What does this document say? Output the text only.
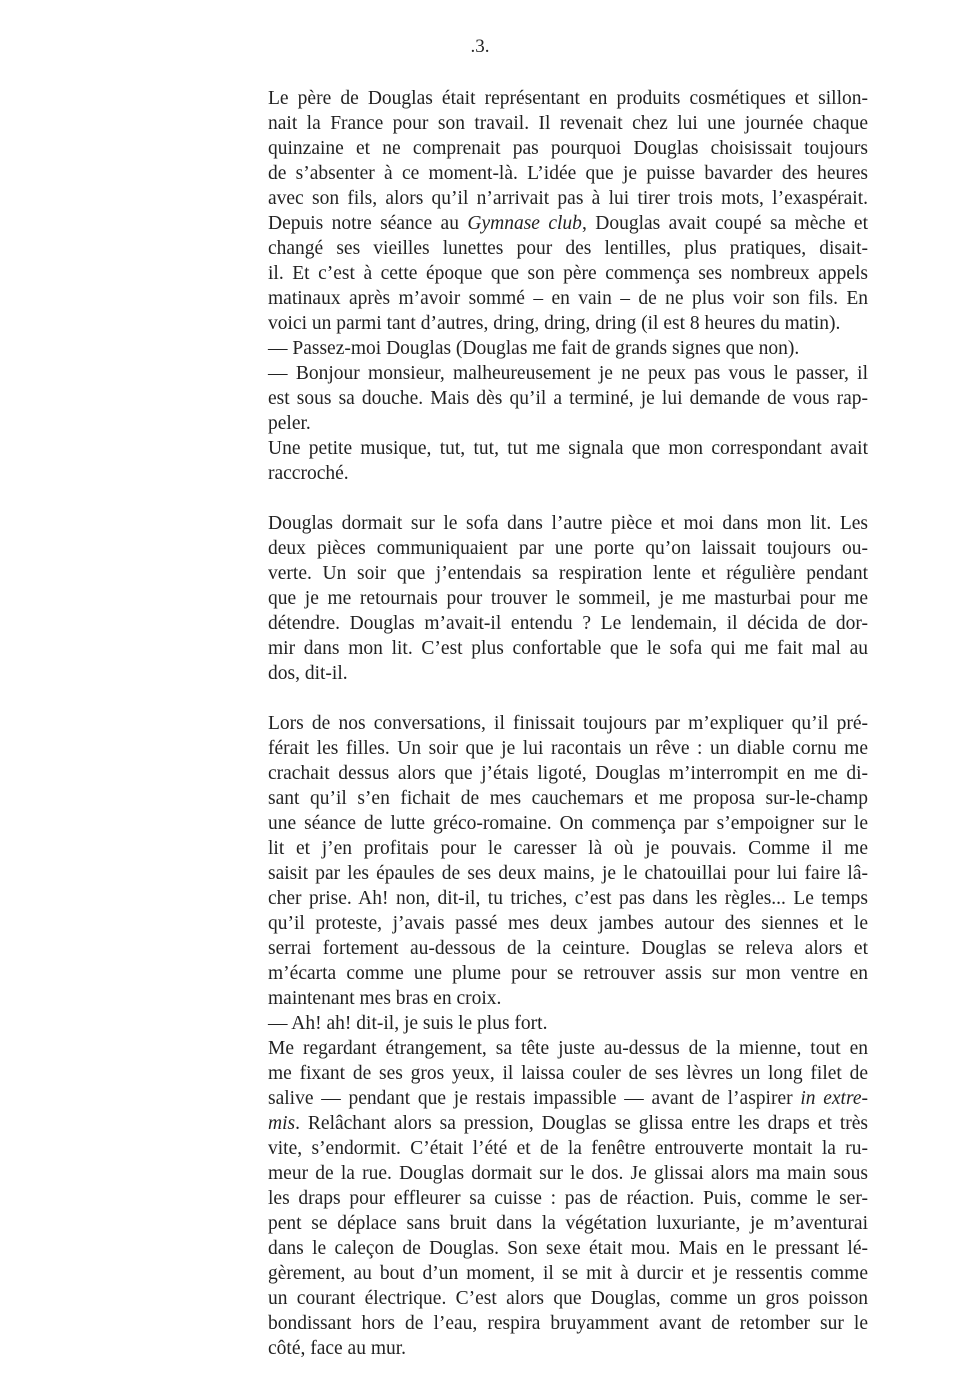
.3.
Le père de Douglas était représentant en produits cosmétiques et sillon-
nait la France pour son travail. Il revenait chez lui une journée chaque
quinzaine et ne comprenait pas pourquoi Douglas choisissait toujours
de s’absenter à ce moment-là. L’idée que je puisse bavarder des heures
avec son fils, alors qu’il n’arrivait pas à lui tirer trois mots, l’exaspérait.
Depuis notre séance au Gymnase club, Douglas avait coupé sa mèche et
changé ses vieilles lunettes pour des lentilles, plus pratiques, disait-
il. Et c’est à cette époque que son père commença ses nombreux appels
matinaux après m’avoir sommé – en vain – de ne plus voir son fils. En
voici un parmi tant d’autres, dring, dring, dring (il est 8 heures du matin).
— Passez-moi Douglas (Douglas me fait de grands signes que non).
— Bonjour monsieur, malheureusement je ne peux pas vous le passer, il
est sous sa douche. Mais dès qu’il a terminé, je lui demande de vous rap-
peler.
Une petite musique, tut, tut, tut me signala que mon correspondant avait
raccroché.
Douglas dormait sur le sofa dans l’autre pièce et moi dans mon lit. Les
deux pièces communiquaient par une porte qu’on laissait toujours ou-
verte. Un soir que j’entendais sa respiration lente et régulière pendant
que je me retournais pour trouver le sommeil, je me masturbai pour me
détendre. Douglas m’avait-il entendu ? Le lendemain, il décida de dor-
mir dans mon lit. C’est plus confortable que le sofa qui me fait mal au
dos, dit-il.
Lors de nos conversations, il finissait toujours par m’expliquer qu’il pré-
férait les filles. Un soir que je lui racontais un rêve : un diable cornu me
crachait dessus alors que j’étais ligoté, Douglas m’interrompit en me di-
sant qu’il s’en fichait de mes cauchemars et me proposa sur-le-champ
une séance de lutte gréco-romaine. On commença par s’empoigner sur le
lit et j’en profitais pour le caresser là où je pouvais. Comme il me
saisit par les épaules de ses deux mains, je le chatouillai pour lui faire lâ-
cher prise. Ah! non, dit-il, tu triches, c’est pas dans les règles... Le temps
qu’il proteste, j’avais passé mes deux jambes autour des siennes et le
serrai fortement au-dessous de la ceinture. Douglas se releva alors et
m’écarta comme une plume pour se retrouver assis sur mon ventre en
maintenant mes bras en croix.
— Ah! ah! dit-il, je suis le plus fort.
Me regardant étrangement, sa tête juste au-dessus de la mienne, tout en
me fixant de ses gros yeux, il laissa couler de ses lèvres un long filet de
salive — pendant que je restais impassible — avant de l’aspirer in extre-
mis. Relâchant alors sa pression, Douglas se glissa entre les draps et très
vite, s’endormit. C’était l’été et de la fenêtre entrouverte montait la ru-
meur de la rue. Douglas dormait sur le dos. Je glissai alors ma main sous
les draps pour effleurer sa cuisse : pas de réaction. Puis, comme le ser-
pent se déplace sans bruit dans la végétation luxuriante, je m’aventurai
dans le caleçon de Douglas. Son sexe était mou. Mais en le pressant lé-
gèrement, au bout d’un moment, il se mit à durcir et je ressentis comme
un courant électrique. C’est alors que Douglas, comme un gros poisson
bondissant hors de l’eau, respira bruyamment avant de retomber sur le
côté, face au mur.
